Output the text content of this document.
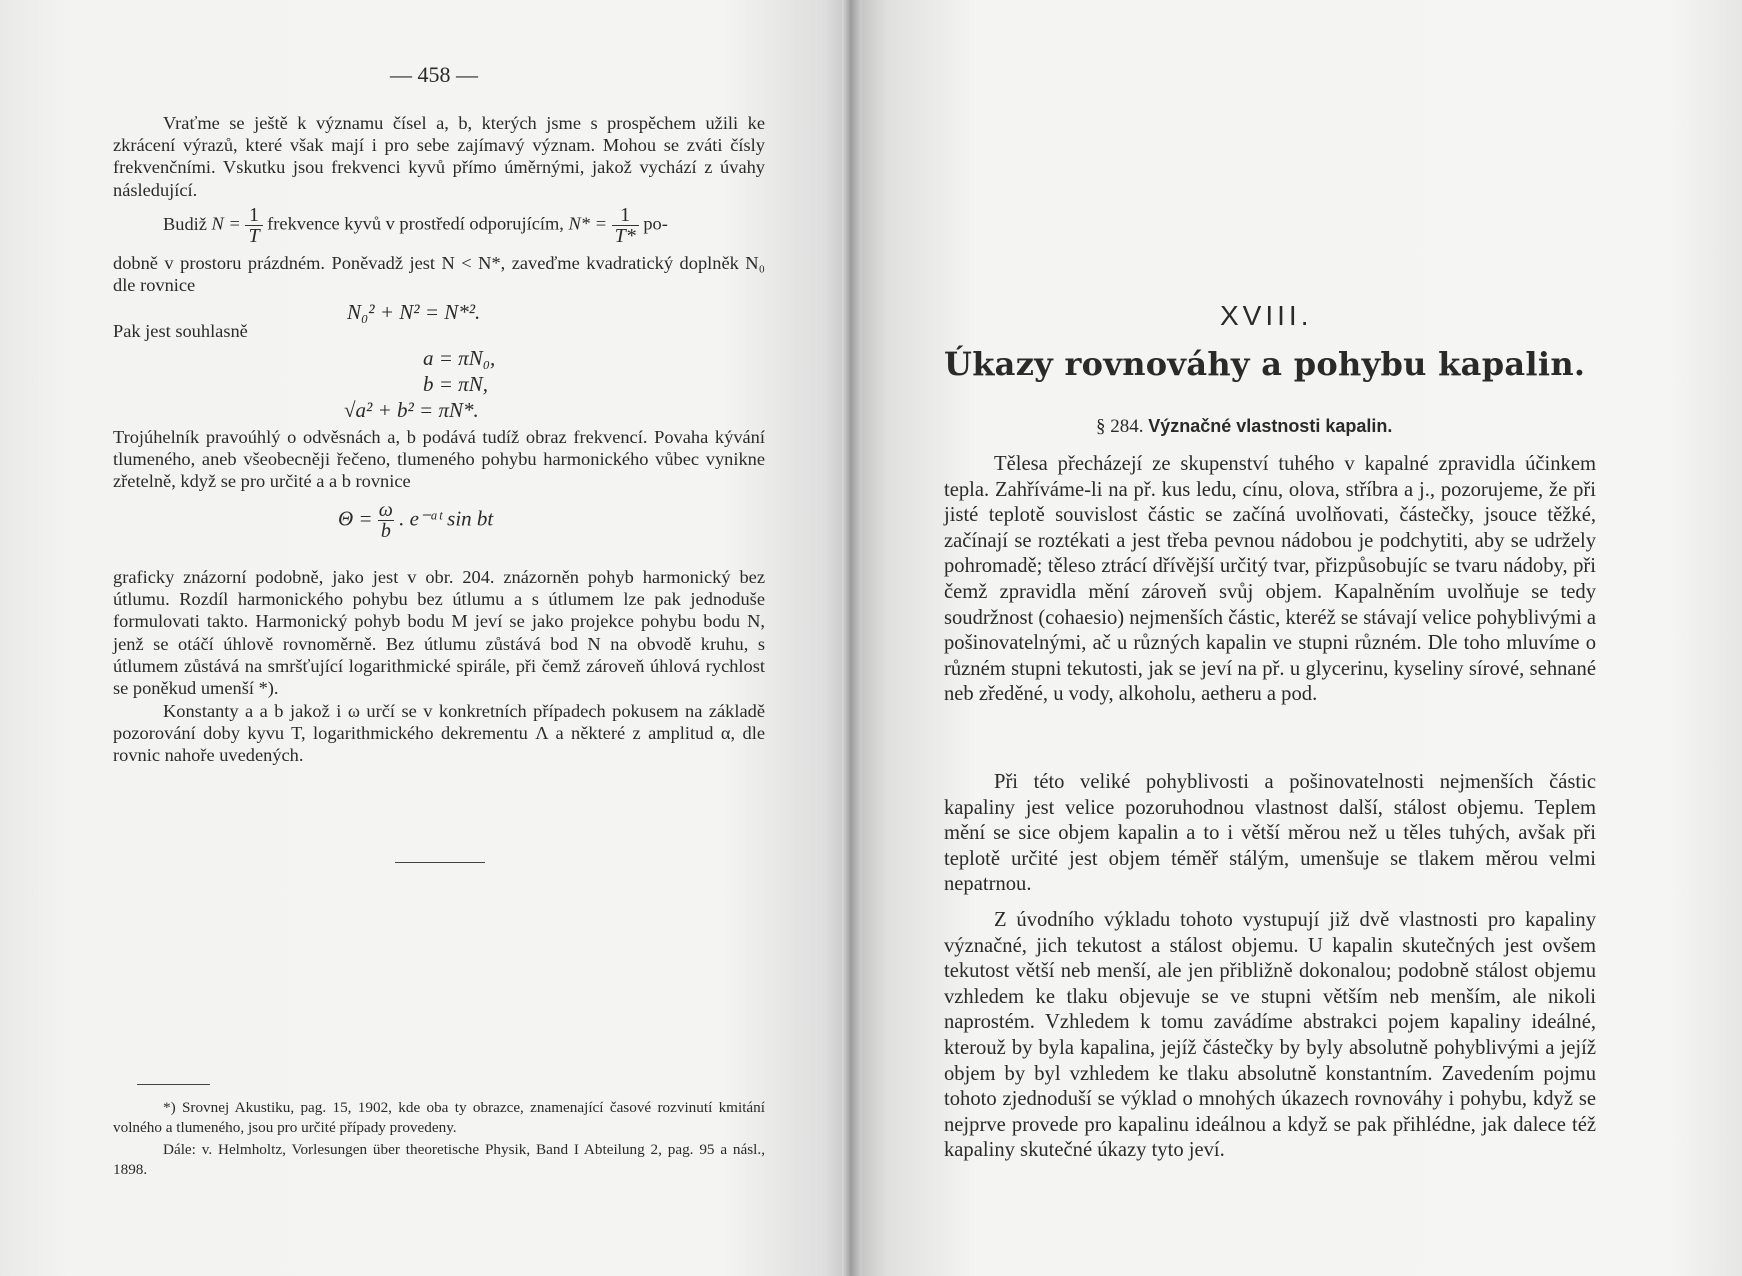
— 458 —

Vraťme se ještě k významu čísel a, b, kterých jsme s prospěchem užili ke zkrácení výrazů, které však mají i pro sebe zajímavý význam. Mohou se zváti čísly frekvenčními. Vskutku jsou frekvenci kyvů přímo úměrnými, jakož vychází z úvahy následující.

Budiž $N = \frac{1}{T}$ frekvence kyvů v prostředí odporujícím, $N* = \frac{1}{T*} po-$

dobně v prostoru prázdném. Poněvadž jest N < N*, zaveďme kvadratický doplněk N₀ dle rovnice

N₀² + N² = N*².

Pak jest souhlasně

a = πN₀,
b = πN,
√a² + b² = πN*.

Trojúhelník pravoúhlý o odvěsnách a, b podává tudíž obraz frekvencí. Povaha kývání tlumeného, aneb všeobecněji řečeno, tlumeného pohybu harmonického vůbec vynikne zřetelně, když se pro určité a a b rovnice

$\Theta = \frac{\omega}{b}$ . e⁻ᵃᵗ sin bt

graficky znázorní podobně, jako jest v obr. 204. znázorněn pohyb harmonický bez útlumu. Rozdíl harmonického pohybu bez útlumu a s útlumem lze pak jednoduše formulovati takto. Harmonický pohyb bodu M jeví se jako projekce pohybu bodu N, jenž se otáčí úhlově rovnoměrně. Bez útlumu zůstává bod N na obvodě kruhu, s útlumem zůstává na smršťující logarithmické spirále, při čemž zároveň úhlová rychlost se poněkud umenší *).

Konstanty a a b jakož i ω určí se v konkretních případech pokusem na základě pozorování doby kyvu T, logarithmického dekrementu Λ a některé z amplitud α, dle rovnic nahoře uvedených.

*) Srovnej Akustiku, pag. 15, 1902, kde oba ty obrazce, znamenající časové rozvinutí kmitání volného a tlumeného, jsou pro určité případy provedeny.

Dále: v. Helmholtz, Vorlesungen über theoretische Physik, Band I Abteilung 2, pag. 95 a násl., 1898.

XVIII.
Úkazy rovnováhy a pohybu kapalin.
§ 284. Význačné vlastnosti kapalin.

Tělesa přecházejí ze skupenství tuhého v kapalné zpravidla účinkem tepla. Zahříváme-li na př. kus ledu, cínu, olova, stříbra a j., pozorujeme, že při jisté teplotě souvislost částic se začíná uvolňovati, částečky, jsouce těžké, začínají se roztékati a jest třeba pevnou nádobou je podchytiti, aby se udržely pohromadě; těleso ztrácí dřívější určitý tvar, přizpůsobujíc se tvaru nádoby, při čemž zpravidla mění zároveň svůj objem. Kapalněním uvolňuje se tedy soudržnost (cohaesio) nejmenších částic, kteréž se stávají velice pohyblivými a pošinovatelnými, ač u různých kapalin ve stupni různém. Dle toho mluvíme o různém stupni tekutosti, jak se jeví na př. u glycerinu, kyseliny sírové, sehnané neb zředěné, u vody, alkoholu, aetheru a pod.

Při této veliké pohyblivosti a pošinovatelnosti nejmenších částic kapaliny jest velice pozoruhodnou vlastnost další, stálost objemu. Teplem mění se sice objem kapalin a to i větší měrou než u těles tuhých, avšak při teplotě určité jest objem téměř stálým, umenšuje se tlakem měrou velmi nepatrnou.

Z úvodního výkladu tohoto vystupují již dvě vlastnosti pro kapaliny význačné, jich tekutost a stálost objemu. U kapalin skutečných jest ovšem tekutost větší neb menší, ale jen přibližně dokonalou; podobně stálost objemu vzhledem ke tlaku objevuje se ve stupni větším neb menším, ale nikoli naprostém. Vzhledem k tomu zavádíme abstrakci pojem kapaliny ideálné, kterouž by byla kapalina, jejíž částečky by byly absolutně pohyblivými a jejíž objem by byl vzhledem ke tlaku absolutně konstantním. Zavedením pojmu tohoto zjednoduší se výklad o mnohých úkazech rovnováhy i pohybu, když se nejprve provede pro kapalinu ideálnou a když se pak přihlédne, jak dalece též kapaliny skutečné úkazy tyto jeví.
